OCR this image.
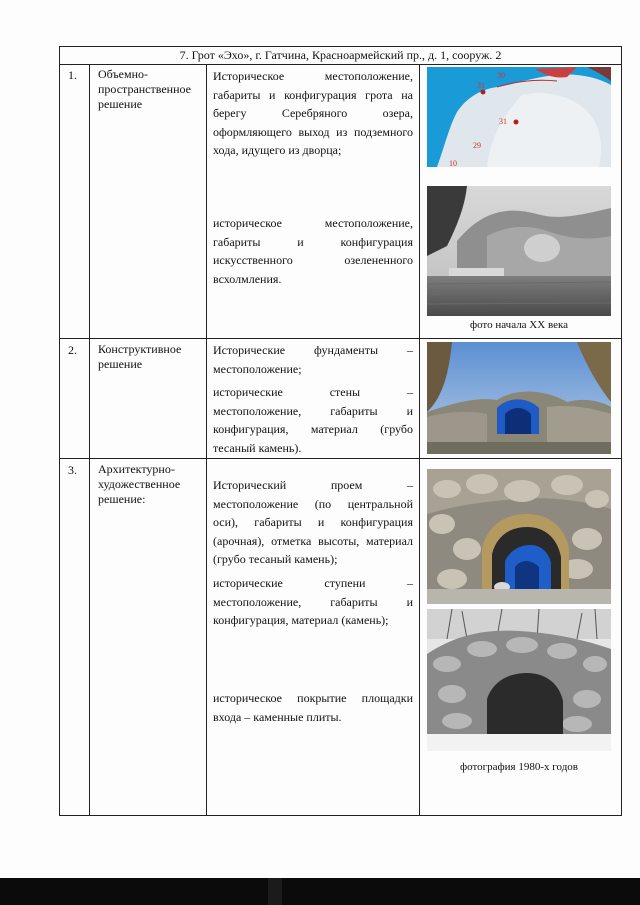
7. Грот «Эхо», г. Гатчина, Красноармейский пр., д. 1, сооруж. 2
1. Объемно-пространственное решение
Историческое местоположение, габариты и конфигурация грота на берегу Серебряного озера, оформляющего выход из подземного хода, идущего из дворца;
историческое местоположение, габариты и конфигурация искусственного озелененного всхолмления.
30
31
31
29
10
фото начала XX века
2. Конструктивное решение
Исторические фундаменты – местоположение;
исторические стены – местоположение, габариты и конфигурация, материал (грубо тесаный камень).
3. Архитектурно-художественное решение:
Исторический проем – местоположение (по центральной оси), габариты и конфигурация (арочная), отметка высоты, материал (грубо тесаный камень);
исторические ступени – местоположение, габариты и конфигурация, материал (камень);
историческое покрытие площадки входа – каменные плиты.
фотография 1980-х годов
